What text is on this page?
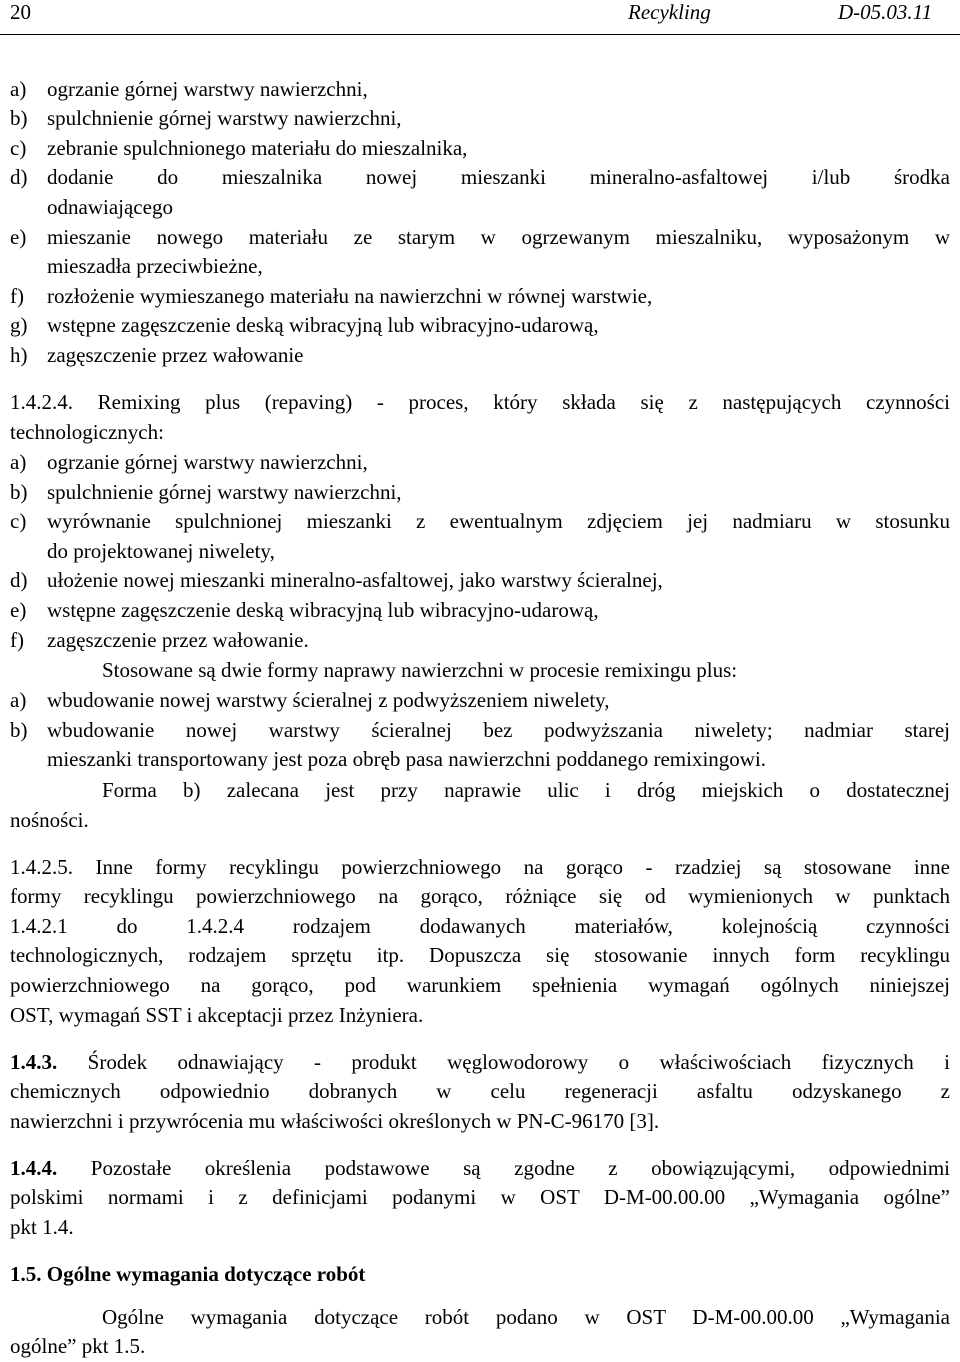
20	Recykling	D-05.03.11
a) ogrzanie górnej warstwy nawierzchni,
b) spulchnienie górnej warstwy nawierzchni,
c) zebranie spulchnionego materiału do mieszalnika,
d) dodanie do mieszalnika nowej mieszanki mineralno-asfaltowej i/lub środka
odnawiającego
e) mieszanie nowego materiału ze starym w ogrzewanym mieszalniku, wyposażonym w
mieszadła przeciwbieżne,
f)	rozłożenie wymieszanego materiału na nawierzchni w równej warstwie,
g) wstępne zagęszczenie deską wibracyjną lub wibracyjno-udarową,
h) zagęszczenie przez wałowanie
1.4.2.4. Remixing plus (repaving) - proces, który składa się z następujących czynności
technologicznych:
a) ogrzanie górnej warstwy nawierzchni,
b) spulchnienie górnej warstwy nawierzchni,
c) wyrównanie spulchnionej mieszanki z ewentualnym zdjęciem jej nadmiaru w stosunku
do projektowanej niwelety,
d) ułożenie nowej mieszanki mineralno-asfaltowej, jako warstwy ścieralnej,
e) wstępne zagęszczenie deską wibracyjną lub wibracyjno-udarową,
f)	zagęszczenie przez wałowanie.
Stosowane są dwie formy naprawy nawierzchni w procesie remixingu plus:
a) wbudowanie nowej warstwy ścieralnej z podwyższeniem niwelety,
b) wbudowanie nowej warstwy ścieralnej bez podwyższania niwelety; nadmiar starej
mieszanki transportowany jest poza obręb pasa nawierzchni poddanego remixingowi.
Forma b) zalecana jest przy naprawie ulic i dróg miejskich o dostatecznej
nośności.
1.4.2.5. Inne formy recyklingu powierzchniowego na gorąco - rzadziej są stosowane inne
formy recyklingu powierzchniowego na gorąco, różniące się od wymienionych w punktach
1.4.2.1 do 1.4.2.4 rodzajem dodawanych materiałów, kolejnością czynności
technologicznych, rodzajem sprzętu itp. Dopuszcza się stosowanie innych form recyklingu
powierzchniowego na gorąco, pod warunkiem spełnienia wymagań ogólnych niniejszej
OST, wymagań SST i akceptacji przez Inżyniera.
1.4.3. Środek odnawiający - produkt węglowodorowy o właściwościach fizycznych i
chemicznych odpowiednio dobranych w celu regeneracji asfaltu odzyskanego z
nawierzchni i przywrócenia mu właściwości określonych w PN-C-96170 [3].
1.4.4. Pozostałe określenia podstawowe są zgodne z obowiązującymi, odpowiednimi
polskimi normami i z definicjami podanymi w OST D-M-00.00.00 „Wymagania ogólne”
pkt 1.4.
1.5. Ogólne wymagania dotyczące robót
Ogólne wymagania dotyczące robót podano w OST D-M-00.00.00 „Wymagania
ogólne” pkt 1.5.
